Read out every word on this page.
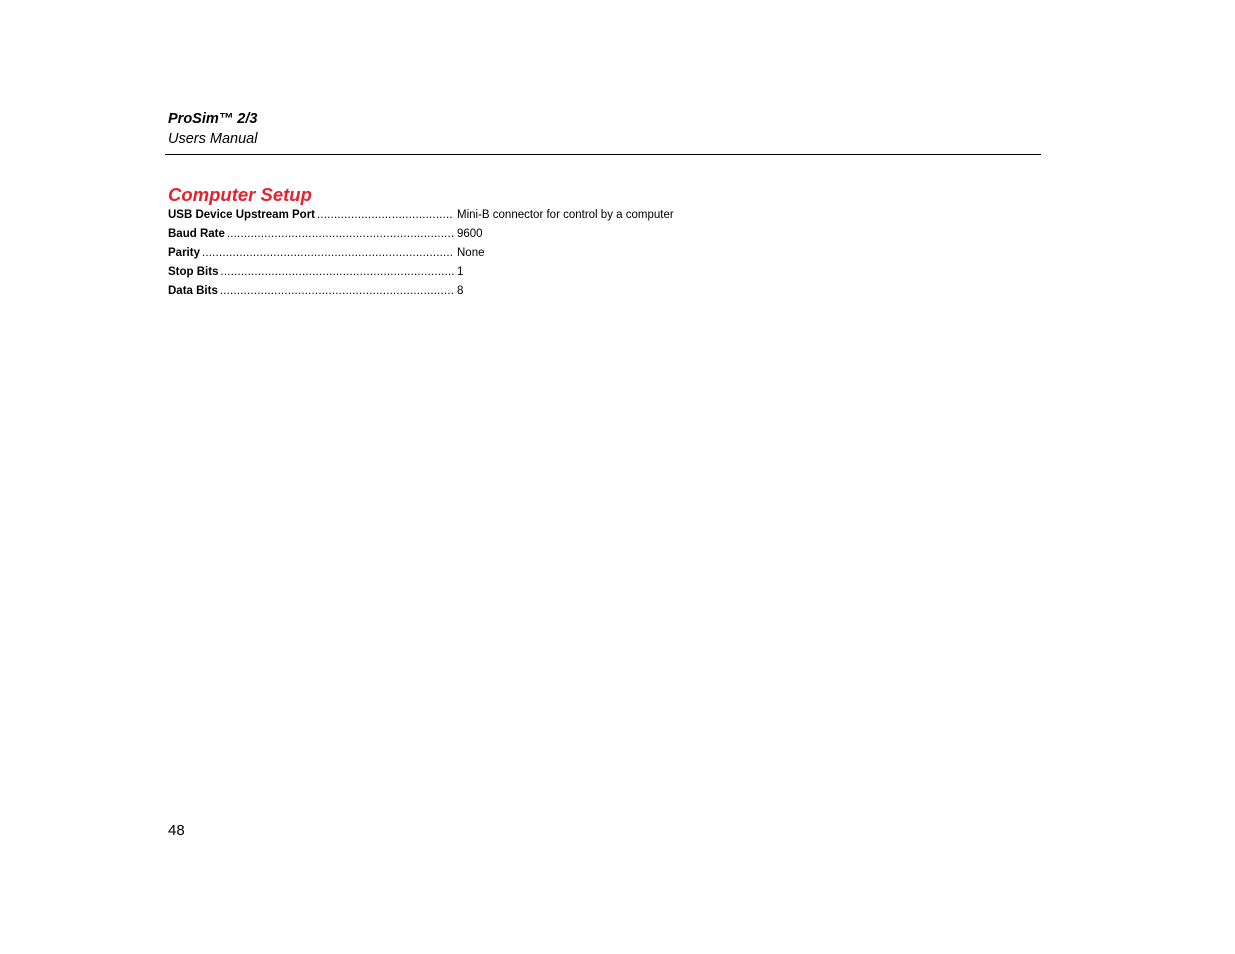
ProSim™ 2/3

Users Manual

Computer Setup
USB Device Upstream Port .....	Mini-B connector for control by a computer
Baud Rate .....	9600
Parity .....	None
Stop Bits .....	1
Data Bits .....	8

48
